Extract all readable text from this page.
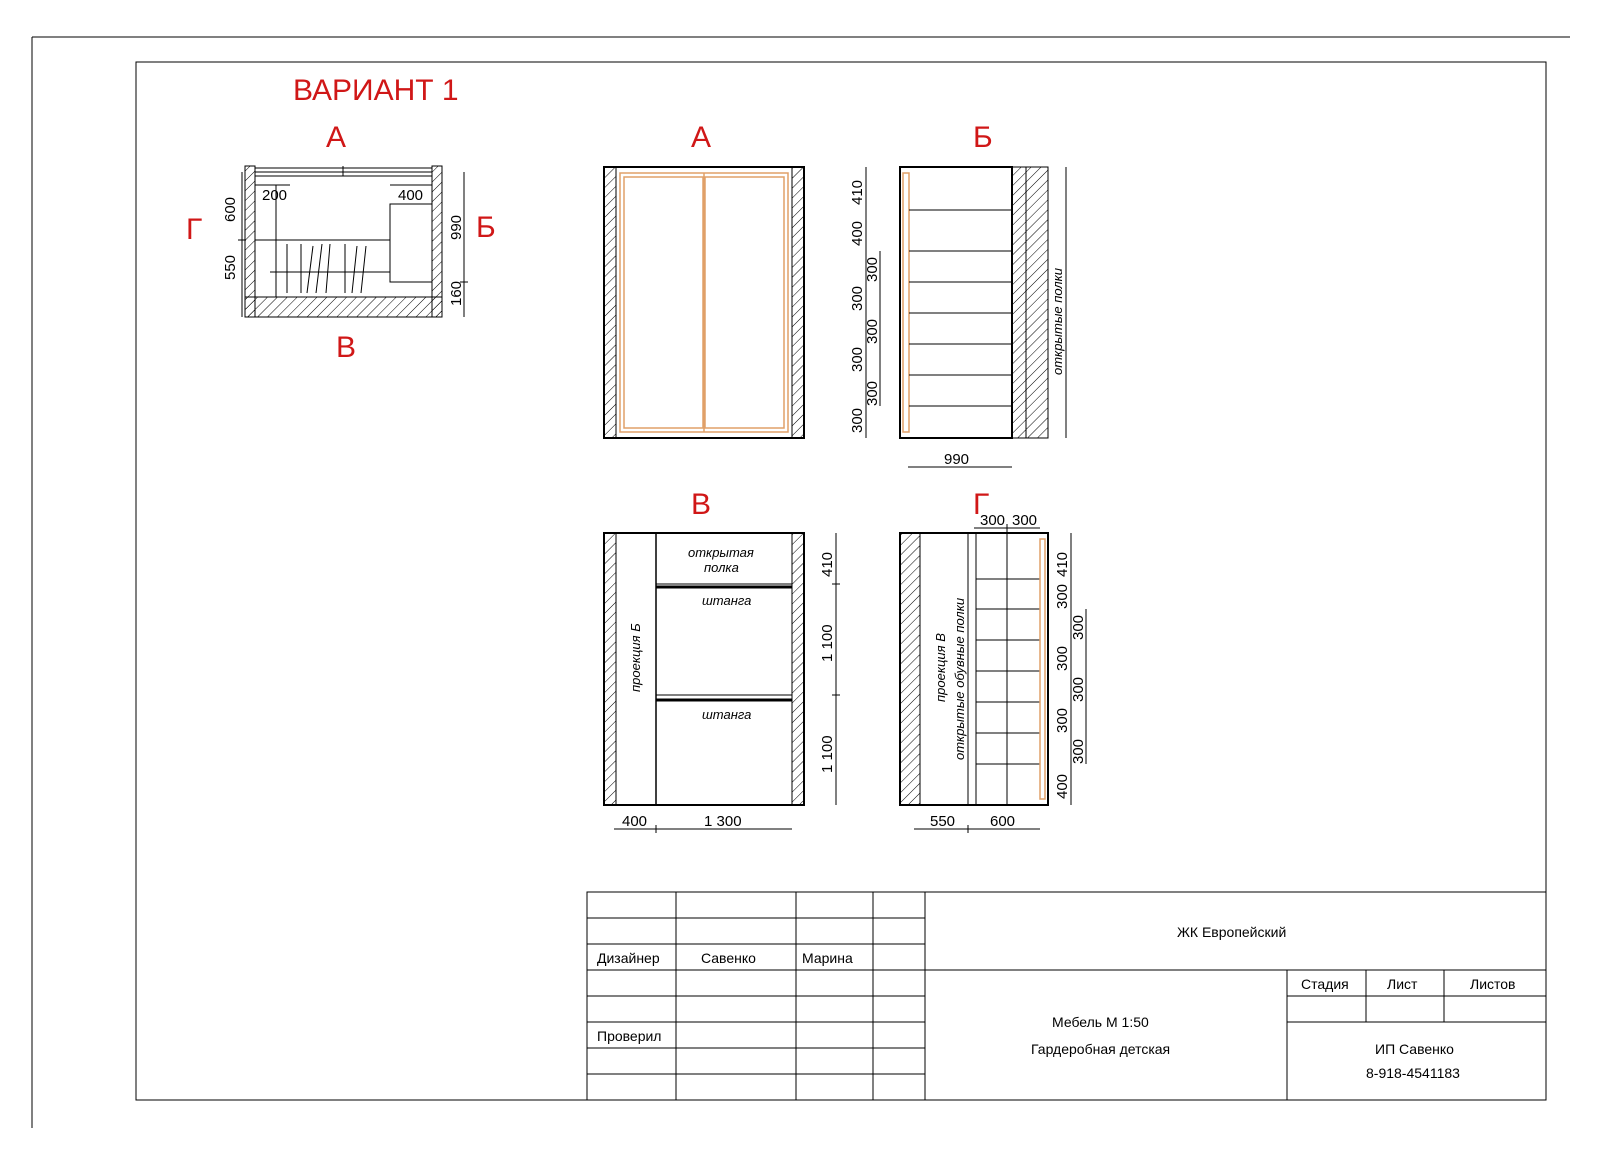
ВАРИАНТ 1
А
Б
В
Г
200	400
600
550
990
160
А	Б
410
400
300
300
300
300
300
300
990
открытые полки
В
открытая
полка
штанга
штанга
проекция Б
410
1 100
1 100
400	1 300
Г
300 300
проекция В открытые обувные полки
410
300
300
300
400
300
300
300
550 600
Дизайнер	Савенко	Марина
Проверил
ЖК Европейский
Стадия	Лист	Листов
Мебель М 1:50
Гардеробная детская	ИП Савенко
8-918-4541183
